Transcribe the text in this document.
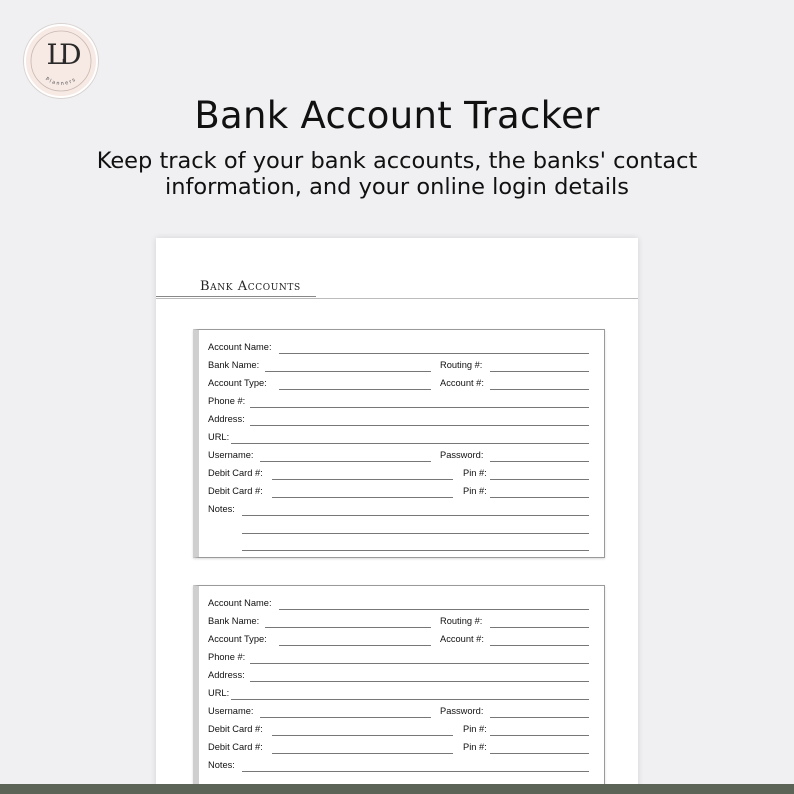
Planners
LD
Bank Account Tracker
Keep track of your bank accounts, the banks' contact information, and your online login details
Bank Accounts
Account Name:
Bank Name:	Routing #:
Account Type:	Account #:
Phone #:
Address:
URL:
Username:	Password:
Debit Card #:	Pin #:
Debit Card #:	Pin #:
Notes:
Account Name:
Bank Name:	Routing #:
Account Type:	Account #:
Phone #:
Address:
URL:
Username:	Password:
Debit Card #:	Pin #:
Debit Card #:	Pin #:
Notes:
